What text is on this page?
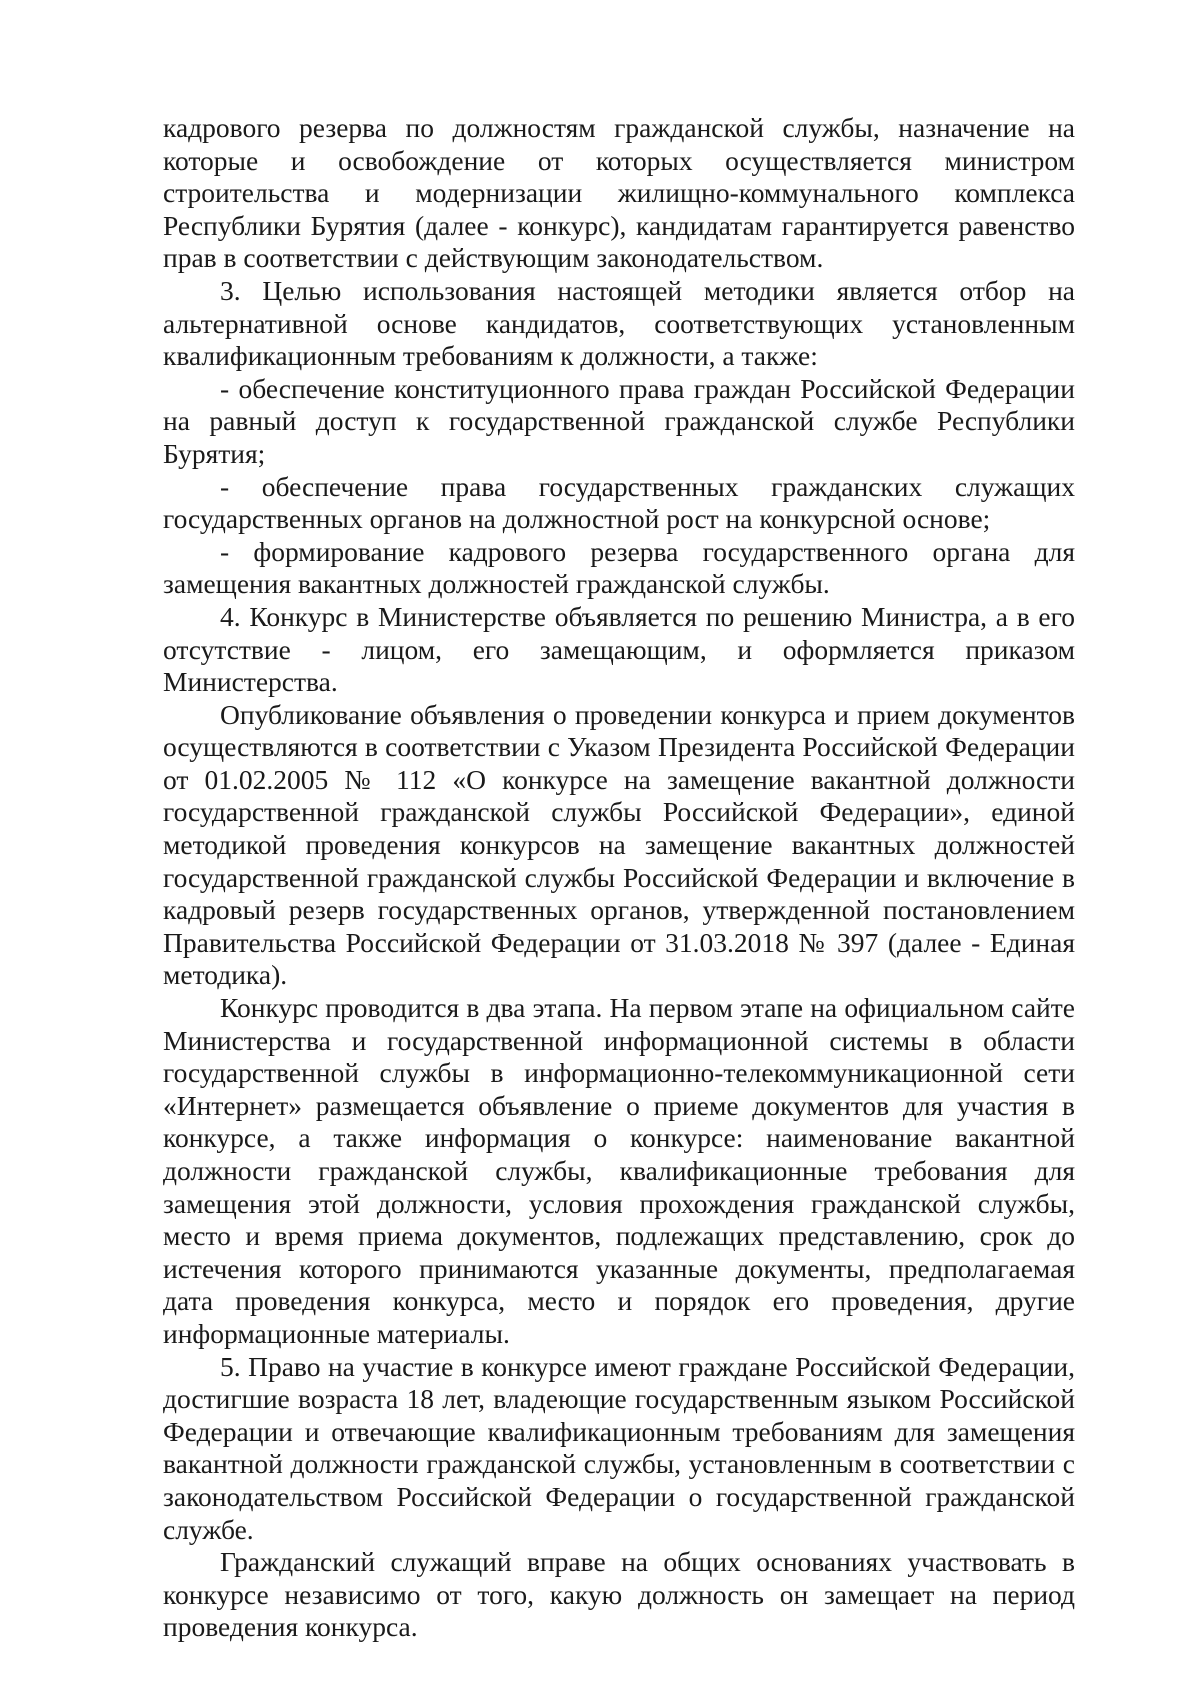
кадрового резерва по должностям гражданской службы, назначение на которые и освобождение от которых осуществляется министром строительства и модернизации жилищно-коммунального комплекса Республики Бурятия (далее - конкурс), кандидатам гарантируется равенство прав в соответствии с действующим законодательством.

3. Целью использования настоящей методики является отбор на альтернативной основе кандидатов, соответствующих установленным квалификационным требованиям к должности, а также:

- обеспечение конституционного права граждан Российской Федерации на равный доступ к государственной гражданской службе Республики Бурятия;

- обеспечение права государственных гражданских служащих государственных органов на должностной рост на конкурсной основе;

- формирование кадрового резерва государственного органа для замещения вакантных должностей гражданской службы.

4. Конкурс в Министерстве объявляется по решению Министра, а в его отсутствие - лицом, его замещающим, и оформляется приказом Министерства.

Опубликование объявления о проведении конкурса и прием документов осуществляются в соответствии с Указом Президента Российской Федерации от 01.02.2005 № 112 «О конкурсе на замещение вакантной должности государственной гражданской службы Российской Федерации», единой методикой проведения конкурсов на замещение вакантных должностей государственной гражданской службы Российской Федерации и включение в кадровый резерв государственных органов, утвержденной постановлением Правительства Российской Федерации от 31.03.2018 № 397 (далее - Единая методика).

Конкурс проводится в два этапа. На первом этапе на официальном сайте Министерства и государственной информационной системы в области государственной службы в информационно-телекоммуникационной сети «Интернет» размещается объявление о приеме документов для участия в конкурсе, а также информация о конкурсе: наименование вакантной должности гражданской службы, квалификационные требования для замещения этой должности, условия прохождения гражданской службы, место и время приема документов, подлежащих представлению, срок до истечения которого принимаются указанные документы, предполагаемая дата проведения конкурса, место и порядок его проведения, другие информационные материалы.

5. Право на участие в конкурсе имеют граждане Российской Федерации, достигшие возраста 18 лет, владеющие государственным языком Российской Федерации и отвечающие квалификационным требованиям для замещения вакантной должности гражданской службы, установленным в соответствии с законодательством Российской Федерации о государственной гражданской службе.

Гражданский служащий вправе на общих основаниях участвовать в конкурсе независимо от того, какую должность он замещает на период проведения конкурса.
